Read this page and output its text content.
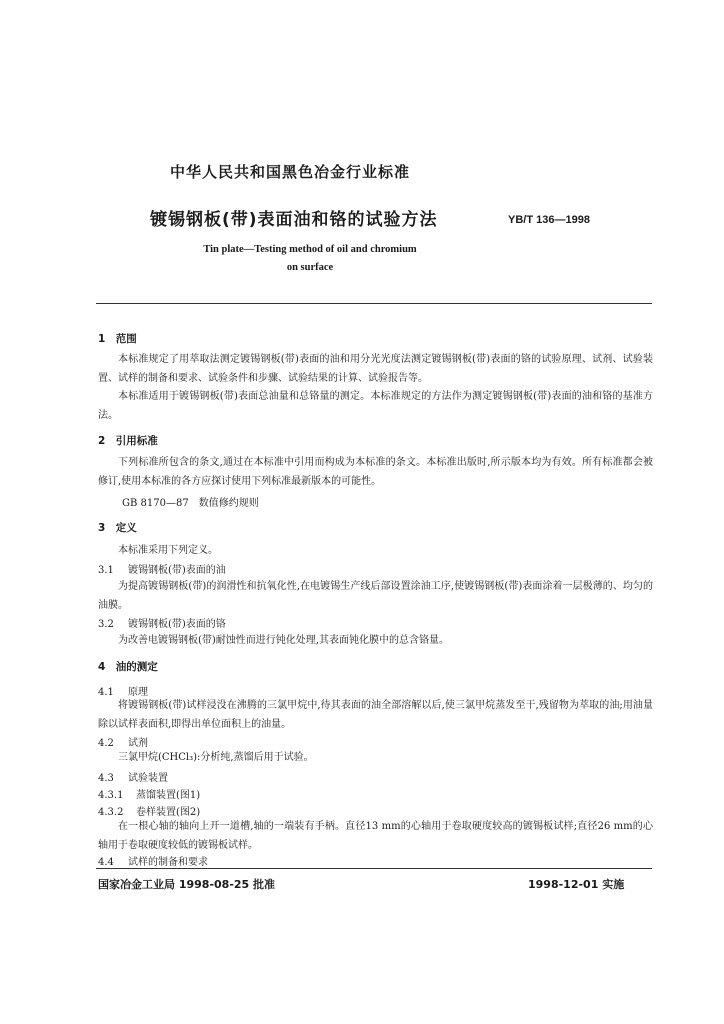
中华人民共和国黑色冶金行业标准
镀锡钢板(带)表面油和铬的试验方法	YB/T 136—1998
Tin plate—Testing method of oil and chromium
on surface
1　范围
本标准规定了用萃取法测定镀锡钢板(带)表面的油和用分光光度法测定镀锡钢板(带)表面的铬的试验原理、试剂、试验装置、试样的制备和要求、试验条件和步骤、试验结果的计算、试验报告等。
本标准适用于镀锡钢板(带)表面总油量和总铬量的测定。本标准规定的方法作为测定镀锡钢板(带)表面的油和铬的基准方法。
2　引用标准
下列标准所包含的条文,通过在本标准中引用而构成为本标准的条文。本标准出版时,所示版本均为有效。所有标准都会被修订,使用本标准的各方应探讨使用下列标准最新版本的可能性。
GB 8170—87　数值修约规则
3　定义
本标准采用下列定义。
3.1 镀锡钢板(带)表面的油
为提高镀锡钢板(带)的润滑性和抗氧化性,在电镀锡生产线后部设置涂油工序,使镀锡钢板(带)表面涂着一层极薄的、均匀的油膜。
3.2 镀锡钢板(带)表面的铬
为改善电镀锡钢板(带)耐蚀性而进行钝化处理,其表面钝化膜中的总含铬量。
4　油的测定
4.1 原理
将镀锡钢板(带)试样浸没在沸腾的三氯甲烷中,待其表面的油全部溶解以后,使三氯甲烷蒸发至干,残留物为萃取的油;用油量除以试样表面积,即得出单位面积上的油量。
4.2 试剂
三氯甲烷(CHCl₃):分析纯,蒸馏后用于试验。
4.3 试验装置
4.3.1 蒸馏装置(图1)
4.3.2 卷样装置(图2)
在一根心轴的轴向上开一道槽,轴的一端装有手柄。直径13 mm的心轴用于卷取硬度较高的镀锡板试样;直径26 mm的心轴用于卷取硬度较低的镀锡板试样。
4.4 试样的制备和要求
国家冶金工业局 1998-08-25 批准	1998-12-01 实施
